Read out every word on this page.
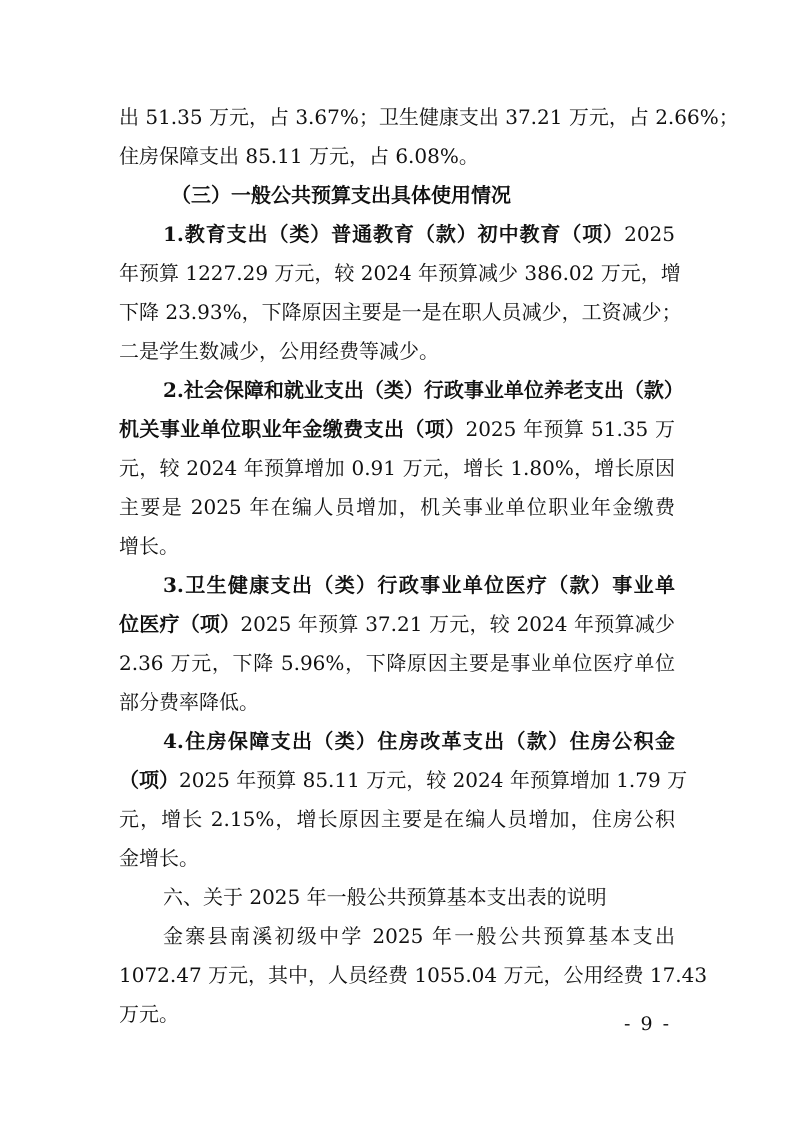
出 51.35 万元，占 3.67%；卫生健康支出 37.21 万元，占 2.66%；
住房保障支出 85.11 万元，占 6.08%。
（三）一般公共预算支出具体使用情况
1.教育支出（类）普通教育（款）初中教育（项）2025
年预算 1227.29 万元，较 2024 年预算减少 386.02 万元，增
下降 23.93%，下降原因主要是一是在职人员减少，工资减少；
二是学生数减少，公用经费等减少。
2.社会保障和就业支出（类）行政事业单位养老支出（款）
机关事业单位职业年金缴费支出（项）2025 年预算 51.35 万
元，较 2024 年预算增加 0.91 万元，增长 1.80%，增长原因
主要是 2025 年在编人员增加，机关事业单位职业年金缴费
增长。
3.卫生健康支出（类）行政事业单位医疗（款）事业单
位医疗（项）2025 年预算 37.21 万元，较 2024 年预算减少
2.36 万元，下降 5.96%，下降原因主要是事业单位医疗单位
部分费率降低。
4.住房保障支出（类）住房改革支出（款）住房公积金
（项）2025 年预算 85.11 万元，较 2024 年预算增加 1.79 万
元，增长 2.15%，增长原因主要是在编人员增加，住房公积
金增长。
六、关于 2025 年一般公共预算基本支出表的说明
金寨县南溪初级中学 2025 年一般公共预算基本支出
1072.47 万元，其中，人员经费 1055.04 万元，公用经费 17.43
万元。	- 9 -
